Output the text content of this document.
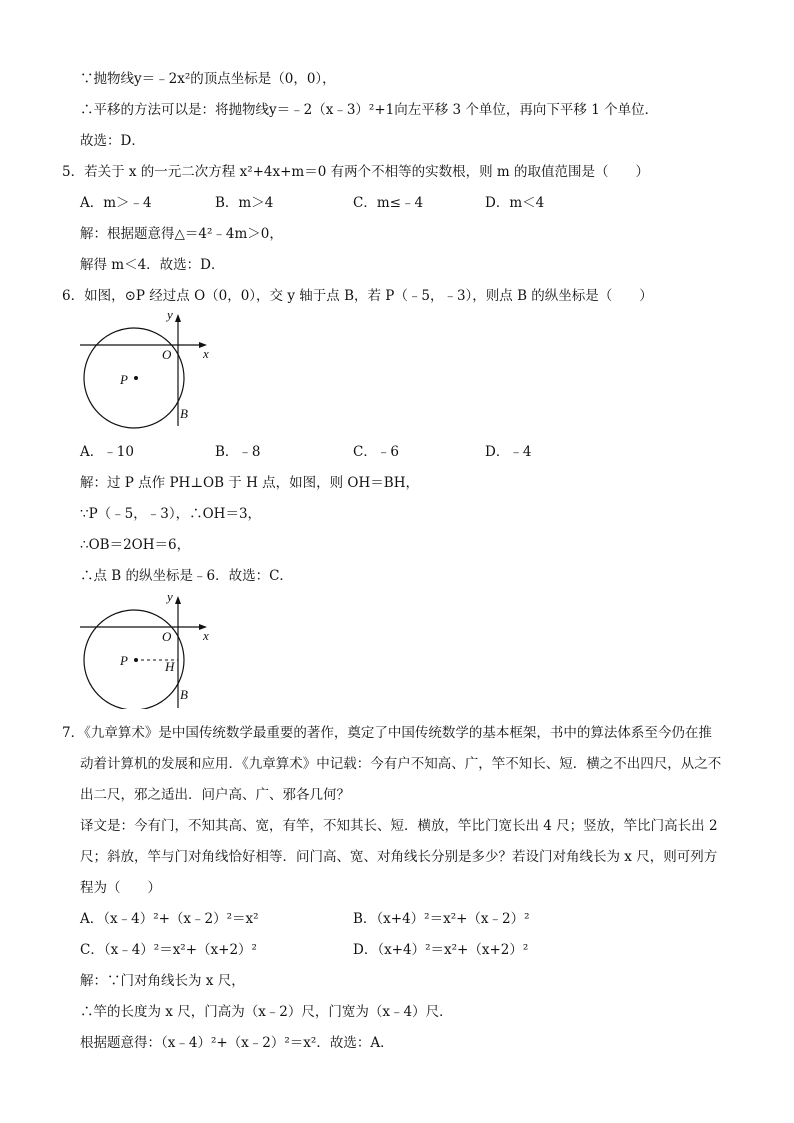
∵抛物线y＝﹣2x²的顶点坐标是（0，0），
∴平移的方法可以是：将抛物线y＝﹣2（x﹣3）²+1向左平移 3 个单位，再向下平移 1 个单位．
故选：D．
5．若关于 x 的一元二次方程 x²+4x+m＝0 有两个不相等的实数根，则 m 的取值范围是（　　）
A．m＞﹣4	B．m＞4	C．m≤﹣4	D．m＜4
解：根据题意得△＝4²﹣4m＞0，
解得 m＜4．故选：D．
6．如图，⊙P 经过点 O（0，0），交 y 轴于点 B，若 P（﹣5，﹣3），则点 B 的纵坐标是（　　）
y
x
O
P
B
A．﹣10	B．﹣8	C．﹣6	D．﹣4
解：过 P 点作 PH⊥OB 于 H 点，如图，则 OH＝BH，
∵P（﹣5，﹣3），∴OH＝3，
∴OB＝2OH＝6，
∴点 B 的纵坐标是﹣6．故选：C．
y
x
O
P	H
B
7．《九章算术》是中国传统数学最重要的著作，奠定了中国传统数学的基本框架，书中的算法体系至今仍在推
动着计算机的发展和应用．《九章算术》中记载：今有户不知高、广，竿不知长、短．横之不出四尺，从之不
出二尺，邪之适出．问户高、广、邪各几何？
译文是：今有门，不知其高、宽，有竿，不知其长、短．横放，竿比门宽长出 4 尺；竖放，竿比门高长出 2
尺；斜放，竿与门对角线恰好相等．问门高、宽、对角线长分别是多少？若设门对角线长为 x 尺，则可列方
程为（　　）
A．（x﹣4）²+（x﹣2）²＝x²	B．（x+4）²＝x²+（x﹣2）²
C．（x﹣4）²＝x²+（x+2）²	D．（x+4）²＝x²+（x+2）²
解：∵门对角线长为 x 尺，
∴竿的长度为 x 尺，门高为（x﹣2）尺，门宽为（x﹣4）尺．
根据题意得：（x﹣4）²+（x﹣2）²＝x²．故选：A．
